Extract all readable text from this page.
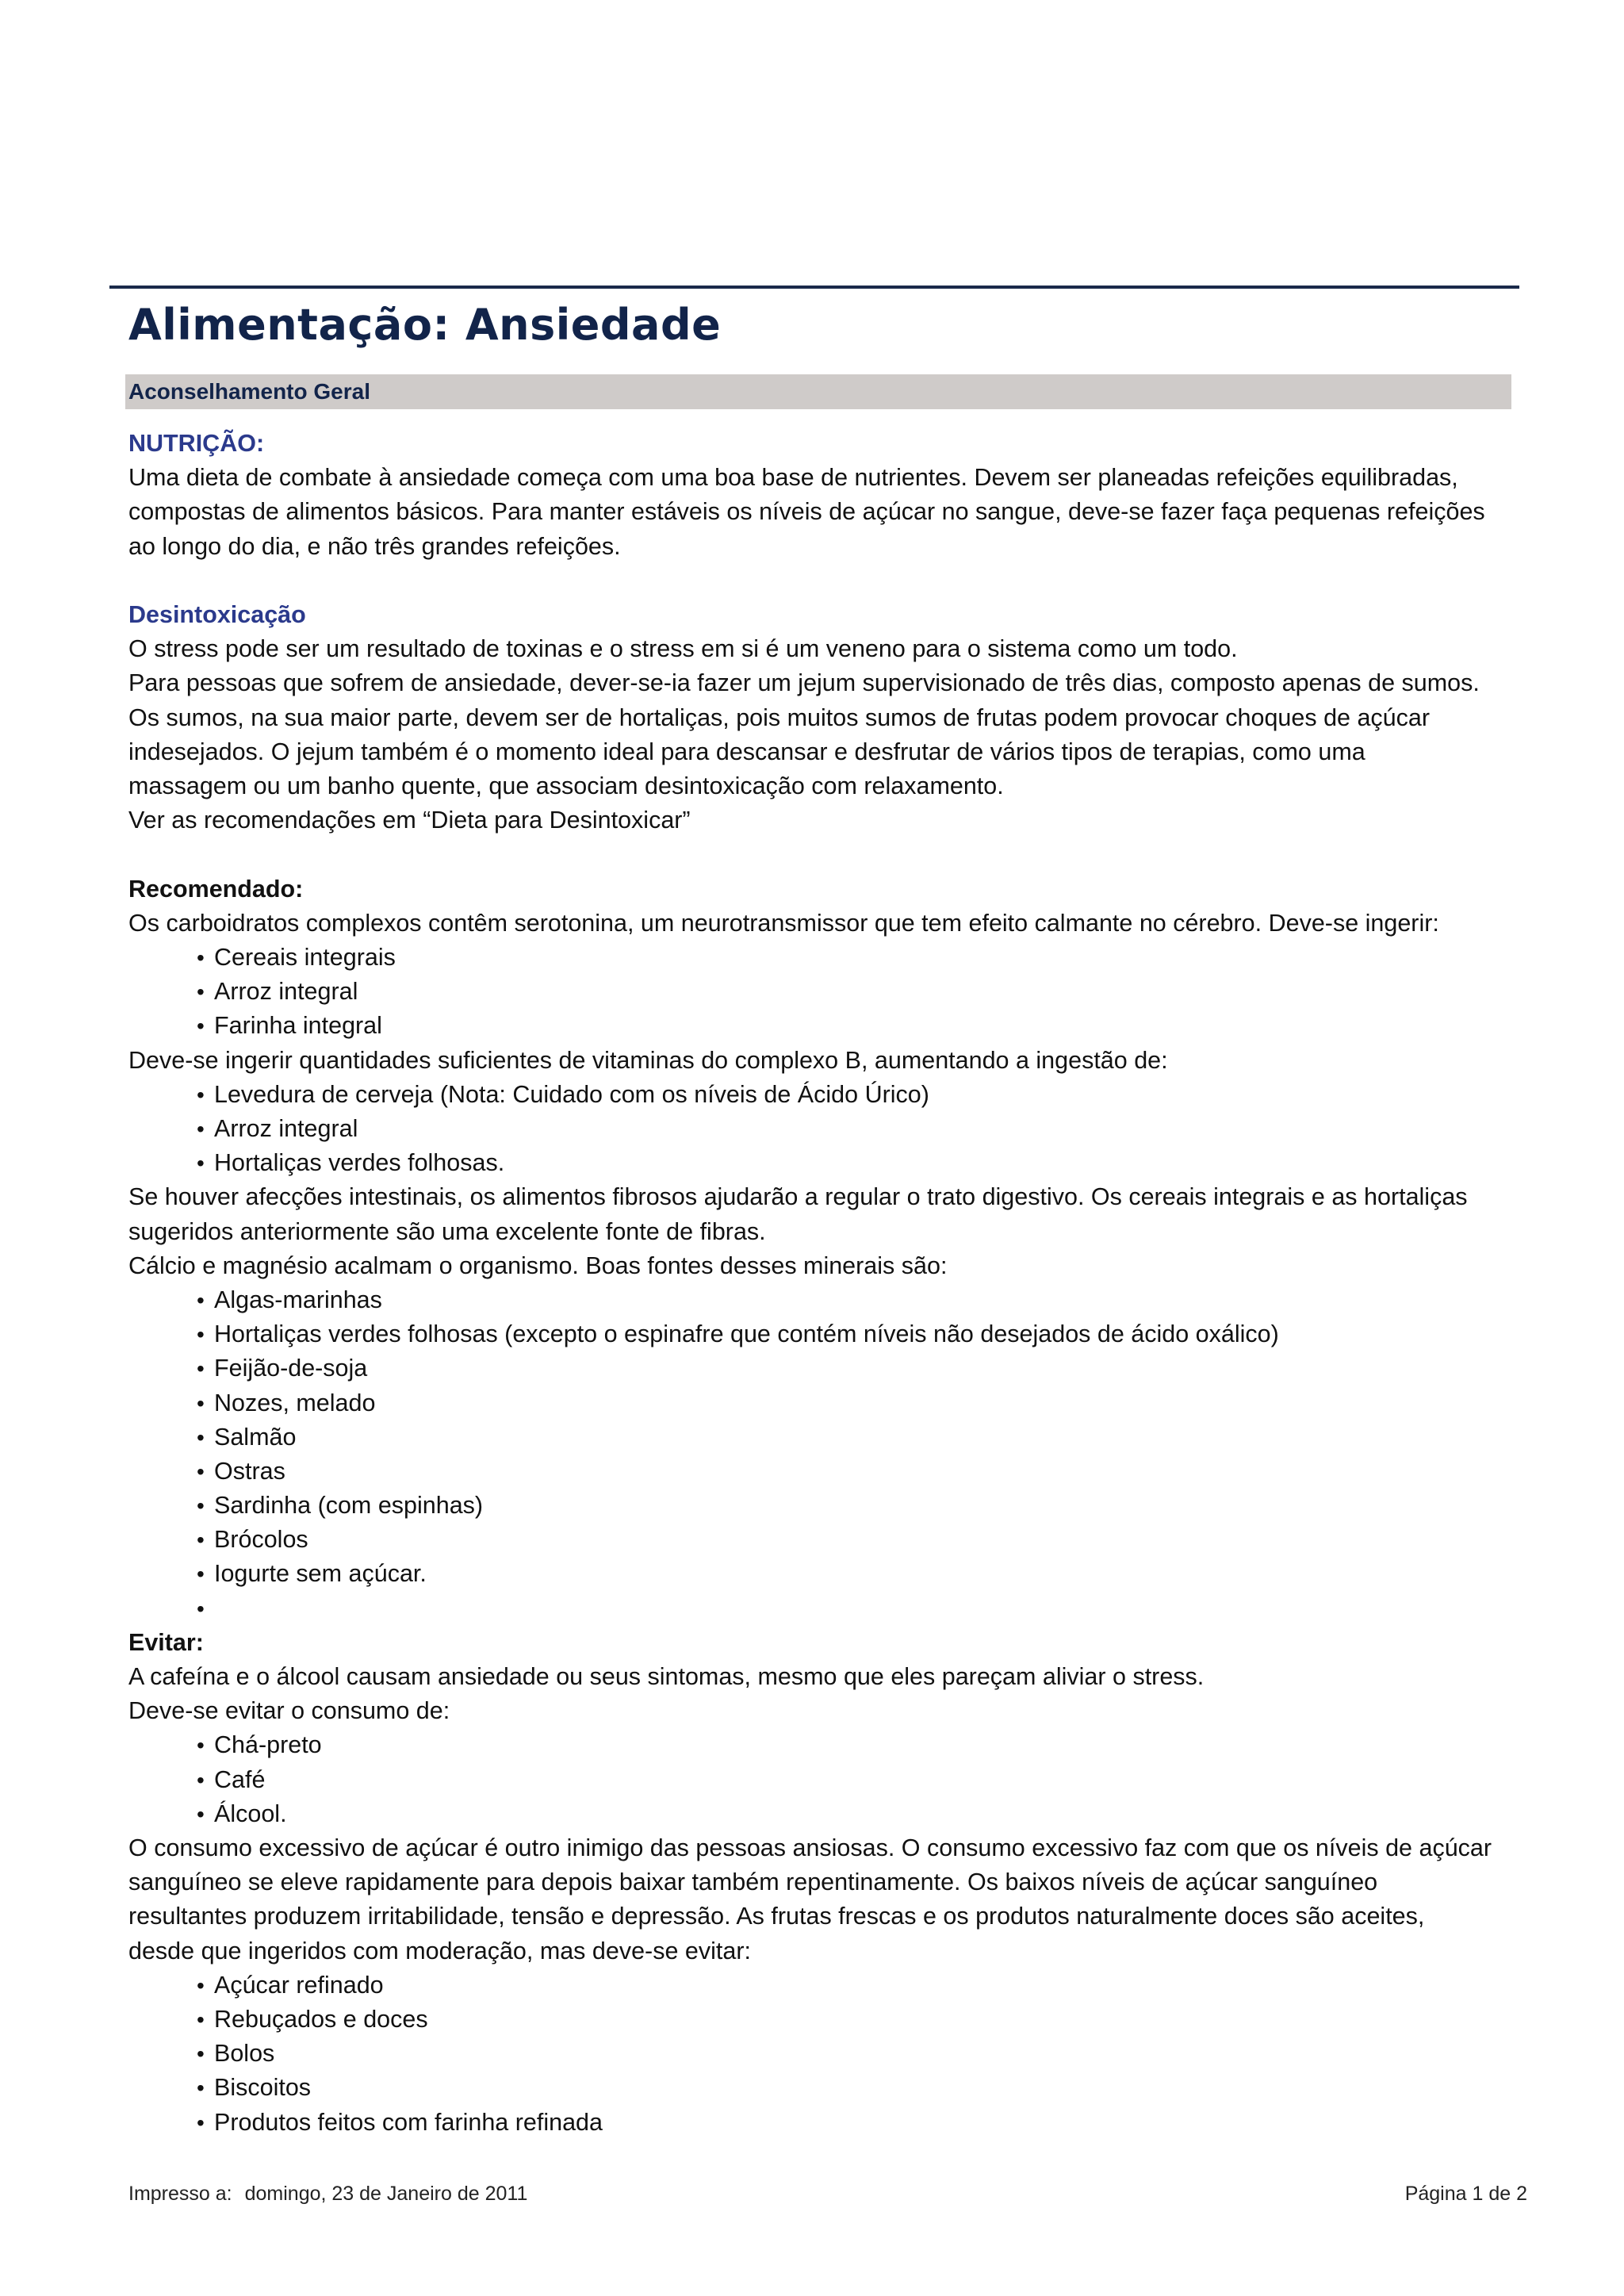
Alimentação: Ansiedade
Aconselhamento Geral

NUTRIÇÃO:

Uma dieta de combate à ansiedade começa com uma boa base de nutrientes. Devem ser planeadas refeições equilibradas,

compostas de alimentos básicos. Para manter estáveis os níveis de açúcar no sangue, deve-se fazer faça pequenas refeições

ao longo do dia, e não três grandes refeições.

Desintoxicação

O stress pode ser um resultado de toxinas e o stress em si é um veneno para o sistema como um todo.

Para pessoas que sofrem de ansiedade, dever-se-ia fazer um jejum supervisionado de três dias, composto apenas de sumos.

Os sumos, na sua maior parte, devem ser de hortaliças, pois muitos sumos de frutas podem provocar choques de açúcar

indesejados. O jejum também é o momento ideal para descansar e desfrutar de vários tipos de terapias, como uma

massagem ou um banho quente, que associam desintoxicação com relaxamento.

Ver as recomendações em “Dieta para Desintoxicar”

Recomendado:

Os carboidratos complexos contêm serotonina, um neurotransmissor que tem efeito calmante no cérebro. Deve-se ingerir:

• Cereais integrais
• Arroz integral
• Farinha integral

Deve-se ingerir quantidades suficientes de vitaminas do complexo B, aumentando a ingestão de:

• Levedura de cerveja (Nota: Cuidado com os níveis de Ácido Úrico)
• Arroz integral
• Hortaliças verdes folhosas.

Se houver afecções intestinais, os alimentos fibrosos ajudarão a regular o trato digestivo. Os cereais integrais e as hortaliças

sugeridos anteriormente são uma excelente fonte de fibras.

Cálcio e magnésio acalmam o organismo. Boas fontes desses minerais são:

• Algas-marinhas
• Hortaliças verdes folhosas (excepto o espinafre que contém níveis não desejados de ácido oxálico)
• Feijão-de-soja
• Nozes, melado
• Salmão
• Ostras
• Sardinha (com espinhas)
• Brócolos
• Iogurte sem açúcar.
•

Evitar:

A cafeína e o álcool causam ansiedade ou seus sintomas, mesmo que eles pareçam aliviar o stress.

Deve-se evitar o consumo de:

• Chá-preto
• Café
• Álcool.

O consumo excessivo de açúcar é outro inimigo das pessoas ansiosas. O consumo excessivo faz com que os níveis de açúcar

sanguíneo se eleve rapidamente para depois baixar também repentinamente. Os baixos níveis de açúcar sanguíneo

resultantes produzem irritabilidade, tensão e depressão. As frutas frescas e os produtos naturalmente doces são aceites,

desde que ingeridos com moderação, mas deve-se evitar:

• Açúcar refinado
• Rebuçados e doces
• Bolos
• Biscoitos
• Produtos feitos com farinha refinada
Impresso a: domingo, 23 de Janeiro de 2011	Página 1 de 2
